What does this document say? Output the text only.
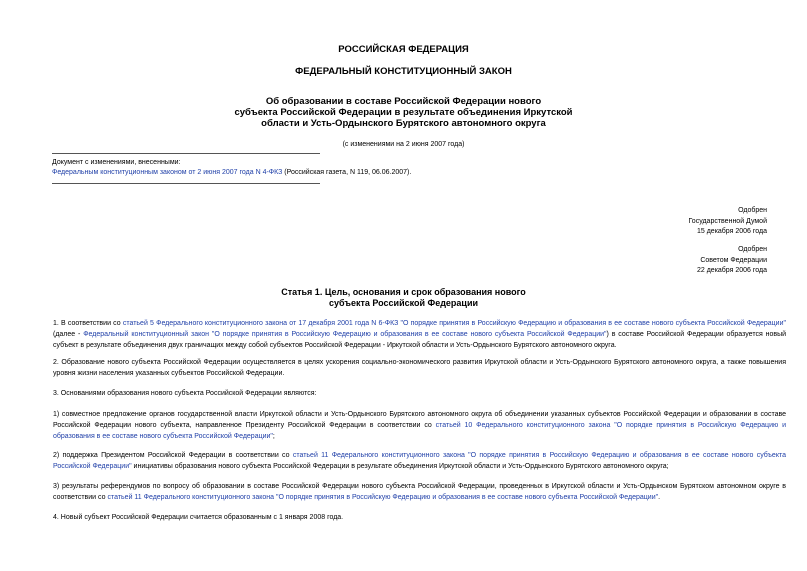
РОССИЙСКАЯ ФЕДЕРАЦИЯ
ФЕДЕРАЛЬНЫЙ КОНСТИТУЦИОННЫЙ ЗАКОН
Об образовании в составе Российской Федерации нового
субъекта Российской Федерации в результате объединения Иркутской
области и Усть-Ордынского Бурятского автономного округа
(с изменениями на 2 июня 2007 года)
Документ с изменениями, внесенными:
Федеральным конституционным законом от 2 июня 2007 года N 4-ФКЗ (Российская газета, N 119, 06.06.2007).
Одобрен
Государственной Думой
15 декабря 2006 года
Одобрен
Советом Федерации
22 декабря 2006 года
Статья 1. Цель, основания и срок образования нового
субъекта Российской Федерации
1. В соответствии со статьей 5 Федерального конституционного закона от 17 декабря 2001 года N 6-ФКЗ "О порядке принятия в Российскую Федерацию и образования в ее составе нового субъекта Российской Федерации" (далее - Федеральный конституционный закон "О порядке принятия в Российскую Федерацию и образования в ее составе нового субъекта Российской Федерации") в составе Российской Федерации образуется новый субъект в результате объединения двух граничащих между собой субъектов Российской Федерации - Иркутской области и Усть-Ордынского Бурятского автономного округа.
2. Образование нового субъекта Российской Федерации осуществляется в целях ускорения социально-экономического развития Иркутской области и Усть-Ордынского Бурятского автономного округа, а также повышения уровня жизни населения указанных субъектов Российской Федерации.
3. Основаниями образования нового субъекта Российской Федерации являются:
1) совместное предложение органов государственной власти Иркутской области и Усть-Ордынского Бурятского автономного округа об объединении указанных субъектов Российской Федерации и образовании в составе Российской Федерации нового субъекта, направленное Президенту Российской Федерации в соответствии со статьей 10 Федерального конституционного закона "О порядке принятия в Российскую Федерацию и образования в ее составе нового субъекта Российской Федерации";
2) поддержка Президентом Российской Федерации в соответствии со статьей 11 Федерального конституционного закона "О порядке принятия в Российскую Федерацию и образования в ее составе нового субъекта Российской Федерации" инициативы образования нового субъекта Российской Федерации в результате объединения Иркутской области и Усть-Ордынского Бурятского автономного округа;
3) результаты референдумов по вопросу об образовании в составе Российской Федерации нового субъекта Российской Федерации, проведенных в Иркутской области и Усть-Ордынском Бурятском автономном округе в соответствии со статьей 11 Федерального конституционного закона "О порядке принятия в Российскую Федерацию и образования в ее составе нового субъекта Российской Федерации".
4. Новый субъект Российской Федерации считается образованным с 1 января 2008 года.
